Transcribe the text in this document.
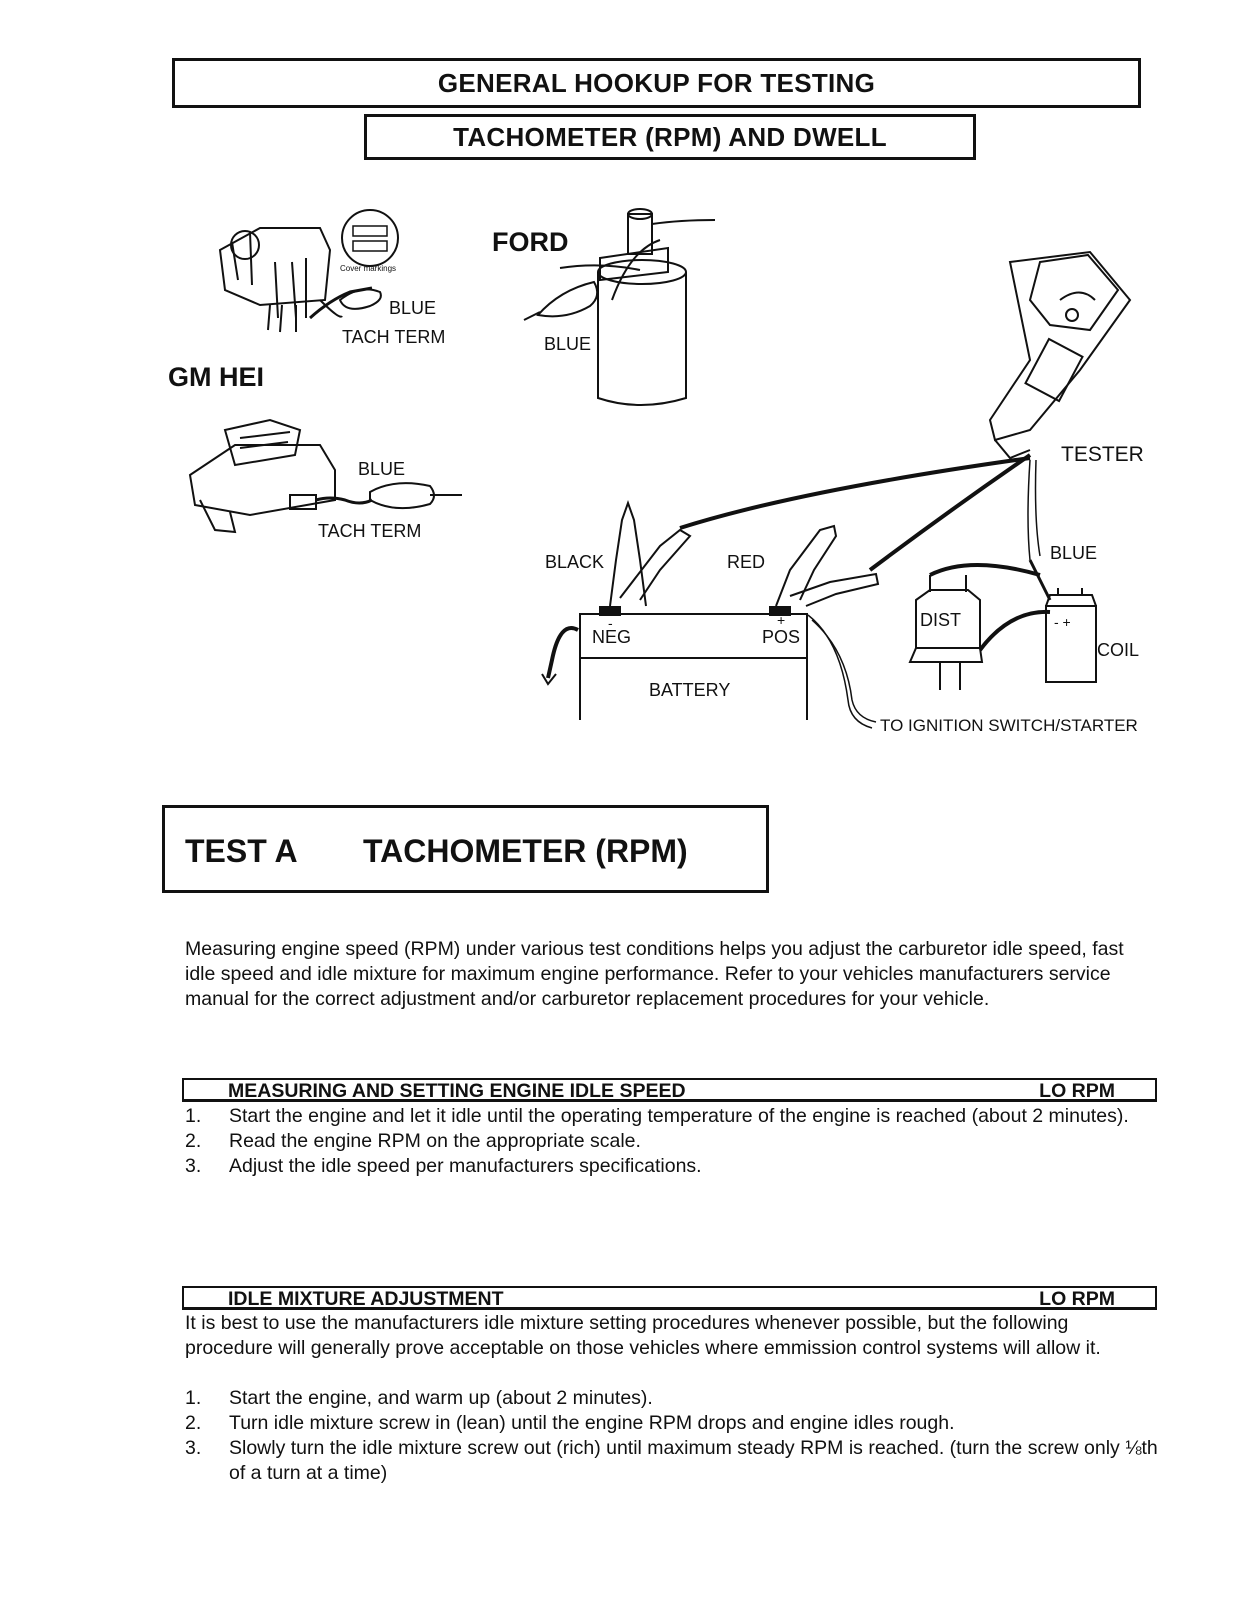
GENERAL HOOKUP FOR TESTING
TACHOMETER (RPM) AND DWELL
GM HEI
FORD
Cover markings
BLUE
TACH TERM
BLUE
TACH TERM
BLUE
TESTER
BLACK	RED	BLUE
-	+
NEG	POS
BATTERY
TO IGNITION SWITCH/STARTER
DIST	- +
COIL
TEST A TACHOMETER (RPM)

Measuring engine speed (RPM) under various test conditions helps you adjust the carburetor idle speed, fast idle speed and idle mixture for maximum engine performance. Refer to your vehicles manufacturers service manual for the correct adjustment and/or carburetor replacement procedures for your vehicle.

MEASURING AND SETTING ENGINE IDLE SPEED	LO RPM
1. Start the engine and let it idle until the operating temperature of the engine is reached (about 2 minutes).
2. Read the engine RPM on the appropriate scale.
3. Adjust the idle speed per manufacturers specifications.
IDLE MIXTURE ADJUSTMENT	LO RPM

It is best to use the manufacturers idle mixture setting procedures whenever possible, but the following procedure will generally prove acceptable on those vehicles where emmission control systems will allow it.

1. Start the engine, and warm up (about 2 minutes).
2. Turn idle mixture screw in (lean) until the engine RPM drops and engine idles rough.
3. Slowly turn the idle mixture screw out (rich) until maximum steady RPM is reached. (turn the screw only ⅛th of a turn at a time)
